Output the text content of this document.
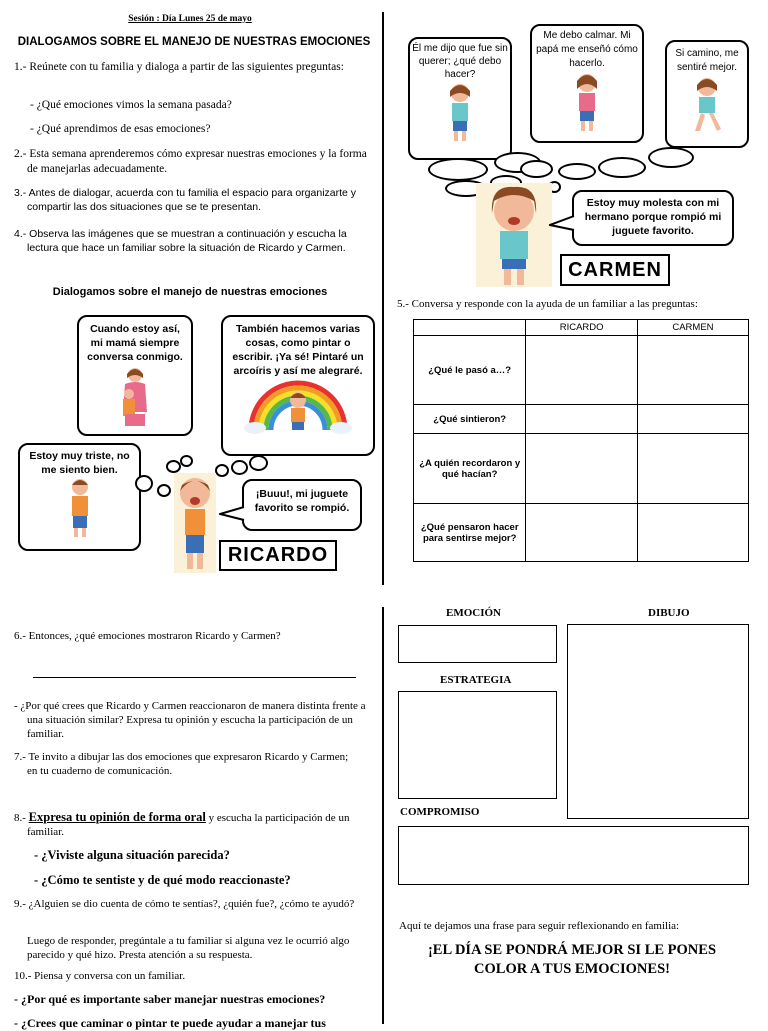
Sesión : Día Lunes 25 de mayo
DIALOGAMOS SOBRE EL MANEJO DE NUESTRAS EMOCIONES
1.- Reúnete con tu familia y dialoga a partir de las siguientes preguntas:
- ¿Qué emociones vimos la semana pasada?
- ¿Qué aprendimos de esas emociones?
2.- Esta semana aprenderemos cómo expresar nuestras emociones y la forma de manejarlas adecuadamente.
3.- Antes de dialogar, acuerda con tu familia el espacio para organizarte y compartir las dos situaciones que se te presentan.
4.- Observa las imágenes que se muestran a continuación y escucha la lectura que hace un familiar sobre la situación de Ricardo y Carmen.
Dialogamos sobre el manejo de nuestras emociones
Cuando estoy así, mi mamá siempre conversa conmigo.
También hacemos varias cosas, como pintar o escribir. ¡Ya sé! Pintaré un arcoíris y así me alegraré.
Estoy muy triste, no me siento bien.
¡Buuu!, mi juguete favorito se rompió.
RICARDO
Él me dijo que fue sin querer; ¿qué debo hacer?
Me debo calmar. Mi papá me enseñó cómo hacerlo.
Si camino, me sentiré mejor.
Estoy muy molesta con mi hermano porque rompió mi juguete favorito.
CARMEN
5.- Conversa y responde con la ayuda de un familiar a las preguntas:
	RICARDO	CARMEN
¿Qué le pasó a…?		
¿Qué sintieron?		
¿A quién recordaron y qué hacían?		
¿Qué pensaron hacer para sentirse mejor?		
6.- Entonces, ¿qué emociones mostraron Ricardo y Carmen?
- ¿Por qué crees que Ricardo y Carmen reaccionaron de manera distinta frente a una situación similar? Expresa tu opinión y escucha la participación de un familiar.
7.- Te invito a dibujar las dos emociones que expresaron Ricardo y Carmen; en tu cuaderno de comunicación.
8.- Expresa tu opinión de forma oral y escucha la participación de un familiar.
- ¿Viviste alguna situación parecida?
- ¿Cómo te sentiste y de qué modo reaccionaste?
9.- ¿Alguien se dio cuenta de cómo te sentías?, ¿quién fue?, ¿cómo te ayudó?
Luego de responder, pregúntale a tu familiar si alguna vez le ocurrió algo parecido y qué hizo. Presta atención a su respuesta.
10.- Piensa y conversa con un familiar.
- ¿Por qué es importante saber manejar nuestras emociones?
- ¿Crees que caminar o pintar te puede ayudar a manejar tus
EMOCIÓN	DIBUJO
ESTRATEGIA
COMPROMISO
Aquí te dejamos una frase para seguir reflexionando en familia:
¡EL DÍA SE PONDRÁ MEJOR SI LE PONES COLOR A TUS EMOCIONES!
